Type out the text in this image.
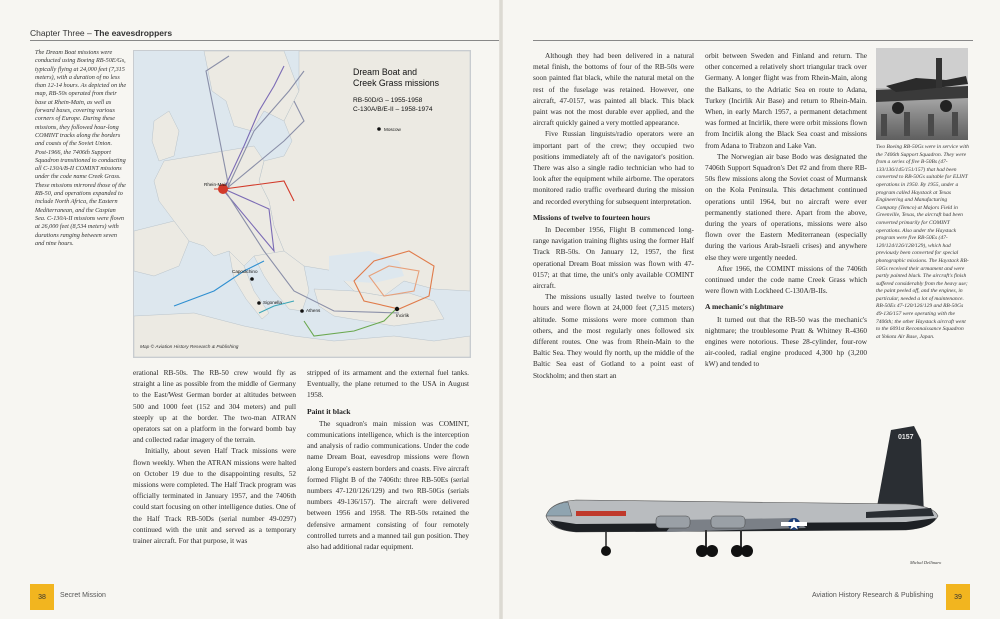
Chapter Three – The eavesdroppers

The Dream Boat missions were conducted using Boeing RB-50E/Gs, typically flying at 24,000 feet (7,315 meters), with a duration of no less than 12-14 hours. As depicted on the map, RB-50s operated from their base at Rhein-Main, as well as forward bases, covering various corners of Europe. During these missions, they followed hour-long COMINT tracks along the borders and coasts of the Soviet Union.

Post-1966, the 7406th Support Squadron transitioned to conducting all C-130A/B-II COMINT missions under the code name Creek Grass. These missions mirrored those of the RB-50, and operations expanded to include North Africa, the Eastern Mediterranean, and the Caspian Sea. C-130A-II missions were flown at 26,000 feet (8,534 meters) with durations ranging between seven and nine hours.

Dream Boat and
Creek Grass missions
RB-50D/G – 1955-1958
C-130A/B/E-II – 1958-1974
Moscow
Rhein-Main
Capodichino
Sigonella
Athens
Incirlik
Map © Aviation History Research & Publishing

erational RB-50s. The RB-50 crew would fly as straight a line as possible from the middle of Germany to the East/West German border at altitudes between 500 and 1000 feet (152 and 304 meters) and pull steeply up at the border. The two-man ATRAN operators sat on a platform in the forward bomb bay and collected radar imagery of the terrain.

Initially, about seven Half Track missions were flown weekly. When the ATRAN missions were halted on October 19 due to the disappointing results, 52 missions were completed. The Half Track program was officially terminated in January 1957, and the 7406th could start focusing on other intelligence duties. One of the Half Track RB-50Ds (serial number 49-0297) continued with the unit and served as a temporary trainer aircraft. For that purpose, it was

stripped of its armament and the external fuel tanks. Eventually, the plane returned to the USA in August 1958.

Paint it black

The squadron's main mission was COMINT, communications intelligence, which is the interception and analysis of radio communications. Under the code name Dream Boat, eavesdrop missions were flown along Europe's eastern borders and coasts. Five aircraft formed Flight B of the 7406th: three RB-50Es (serial numbers 47-120/126/129) and two RB-50Gs (serials numbers 49-136/157). The aircraft were delivered between 1956 and 1958. The RB-50s retained the defensive armament consisting of four remotely controlled turrets and a manned tail gun position. They also had additional radar equipment.

Although they had been delivered in a natural metal finish, the bottoms of four of the RB-50s were soon painted flat black, while the natural metal on the rest of the fuselage was retained. However, one aircraft, 47-0157, was painted all black. This black paint was not the most durable ever applied, and the aircraft quickly gained a very mottled appearance.

Five Russian linguists/radio operators were an important part of the crew; they occupied two positions immediately aft of the navigator's position. There was also a single radio technician who had to look after the equipment while airborne. The operators monitored radio traffic overheard during the mission and recorded everything for subsequent interpretation.

Missions of twelve to fourteen hours

In December 1956, Flight B commenced long-range navigation training flights using the former Half Track RB-50s. On January 12, 1957, the first operational Dream Boat mission was flown with 47-0157; at that time, the unit's only available COMINT aircraft.

The missions usually lasted twelve to fourteen hours and were flown at 24,000 feet (7,315 meters) altitude. Some missions were more common than others, and the most regularly ones followed six different routes. One was from Rhein-Main to the Baltic Sea. They would fly north, up the middle of the Baltic Sea east of Gotland to a point east of Stockholm; and then start an

orbit between Sweden and Finland and return. The other concerned a relatively short triangular track over Germany. A longer flight was from Rhein-Main, along the Balkans, to the Adriatic Sea en route to Adana, Turkey (Incirlik Air Base) and return to Rhein-Main. When, in early March 1957, a permanent detachment was formed at Incirlik, there were orbit missions flown from Incirlik along the Black Sea coast and missions from Adana to Trabzon and Lake Van.

The Norwegian air base Bodo was designated the 7406th Support Squadron's Det #2 and from there RB-50s flew missions along the Soviet coast of Murmansk on the Kola Peninsula. This detachment continued operations until 1964, but no aircraft were ever permanently stationed there. Apart from the above, during the years of operations, missions were also flown over the Eastern Mediterranean (especially during the various Arab-Israeli crises) and anywhere else they were urgently needed.

After 1966, the COMINT missions of the 7406th continued under the code name Creek Grass which were flown with Lockheed C-130A/B-IIs.

A mechanic's nightmare

It turned out that the RB-50 was the mechanic's nightmare; the troublesome Pratt & Whitney R-4360 engines were notorious. These 28-cylinder, four-row air-cooled, radial engine produced 4,300 hp (3,200 kW) and tended to

Two Boeing RB-50Gs were in service with the 7406th Support Squadron. They were from a series of five B-50Bs (47-133/136/145/151/157) that had been converted to RB-50Gs suitable for ELINT operations in 1950. By 1955, under a program called Haystack at Texas Engineering and Manufacturing Company (Temco) at Majors Field in Greenville, Texas, the aircraft had been converted primarily for COMINT operations. Also under the Haystack program were five RB-50Es (47-120/124/126/128/129), which had previously been converted for special photographic missions. The Haystack RB-50Gs received their armament and were partly painted black. The aircraft's finish suffered considerably from the heavy use; the paint peeled off, and the engines, in particular, needed a lot of maintenance. RB-50Es 47-120/126/129 and RB-50Gs 49-136/157 were operating with the 7406th; the other Haystack aircraft went to the 6091st Reconnaissance Squadron at Yokota Air Base, Japan.

0157
Michal Dellinaro
38	Secret Mission	Aviation History Research & Publishing	39
